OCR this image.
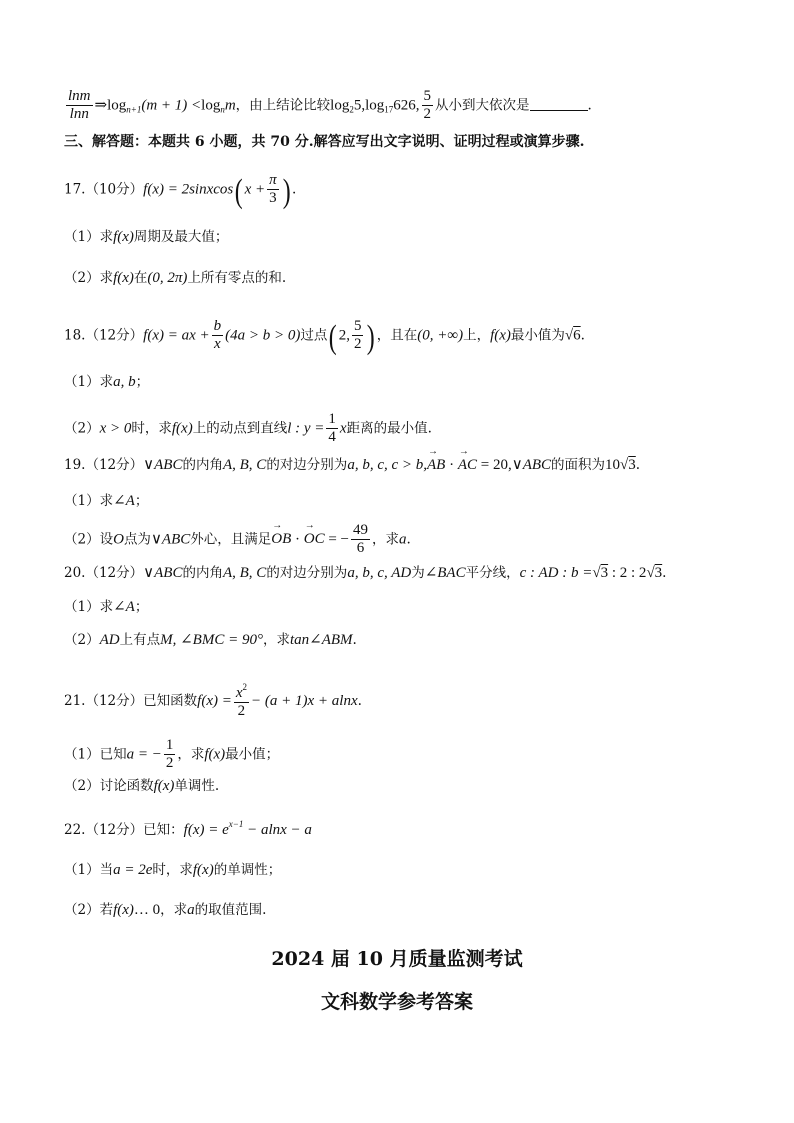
$\frac{\ln m}{\ln n}$ $\Rightarrow\log_{n+1}(m + 1) <\log_nm$，由上结论比较$\log_25,\log_{17}626$, $\frac{5}{2}$ 从小到大依次是	.
三、解答题：本题共 6 小题，共 70 分.解答应写出文字说明、证明过程或演算步骤.
17.（10分）f(x) = 2sinxcos( $x + \frac{\pi}{3}$ ) .
（1）求f(x)周期及最大值；
（2）求f(x)在(0, 2π)上所有零点的和.
18.（12分）f(x) = ax + $\frac{b}{x} (4a > b > 0)$过点( 2, $\frac{5}{2}$ ) ，且在(0, +∞)上，f(x)最小值为√6.
（1）求a, b；
（2）x > 0时，求f(x)上的动点到直线l : $y = \frac{1}{4}$ x距离的最小值.
19.（12分）∨ABC的内角A, B, C的对边分别为a, b, c, c > b,→ AB · → AC = 20,∨ABC的面积为10√3.
（1）求∠A；
（2）设O点为∨ABC外心，且满足→ OB · → OC = − $\frac{49}{6}$ ，求a.
20.（12分）∨ABC的内角A, B, C的对边分别为a, b, c, AD为∠BAC平分线，c : AD : b =√3 : 2 : 2√3.
（1）求∠A；
（2）AD上有点M, ∠BMC = 90°，求tan∠ABM.
21.（12分）已知函数$f(x) = \frac{x^2}{2} - (a + 1)x + alnx$.
（1）已知a = − $\frac{1}{2}$ ，求f(x)最小值；
（2）讨论函数f(x)单调性.
22.（12分）已知：$f(x) = e^{x-1} - alnx - a$
（1）当a = 2e时，求f(x)的单调性；
（2）若f(x)… 0，求a的取值范围.
2024 届 10 月质量监测考试
文科数学参考答案
